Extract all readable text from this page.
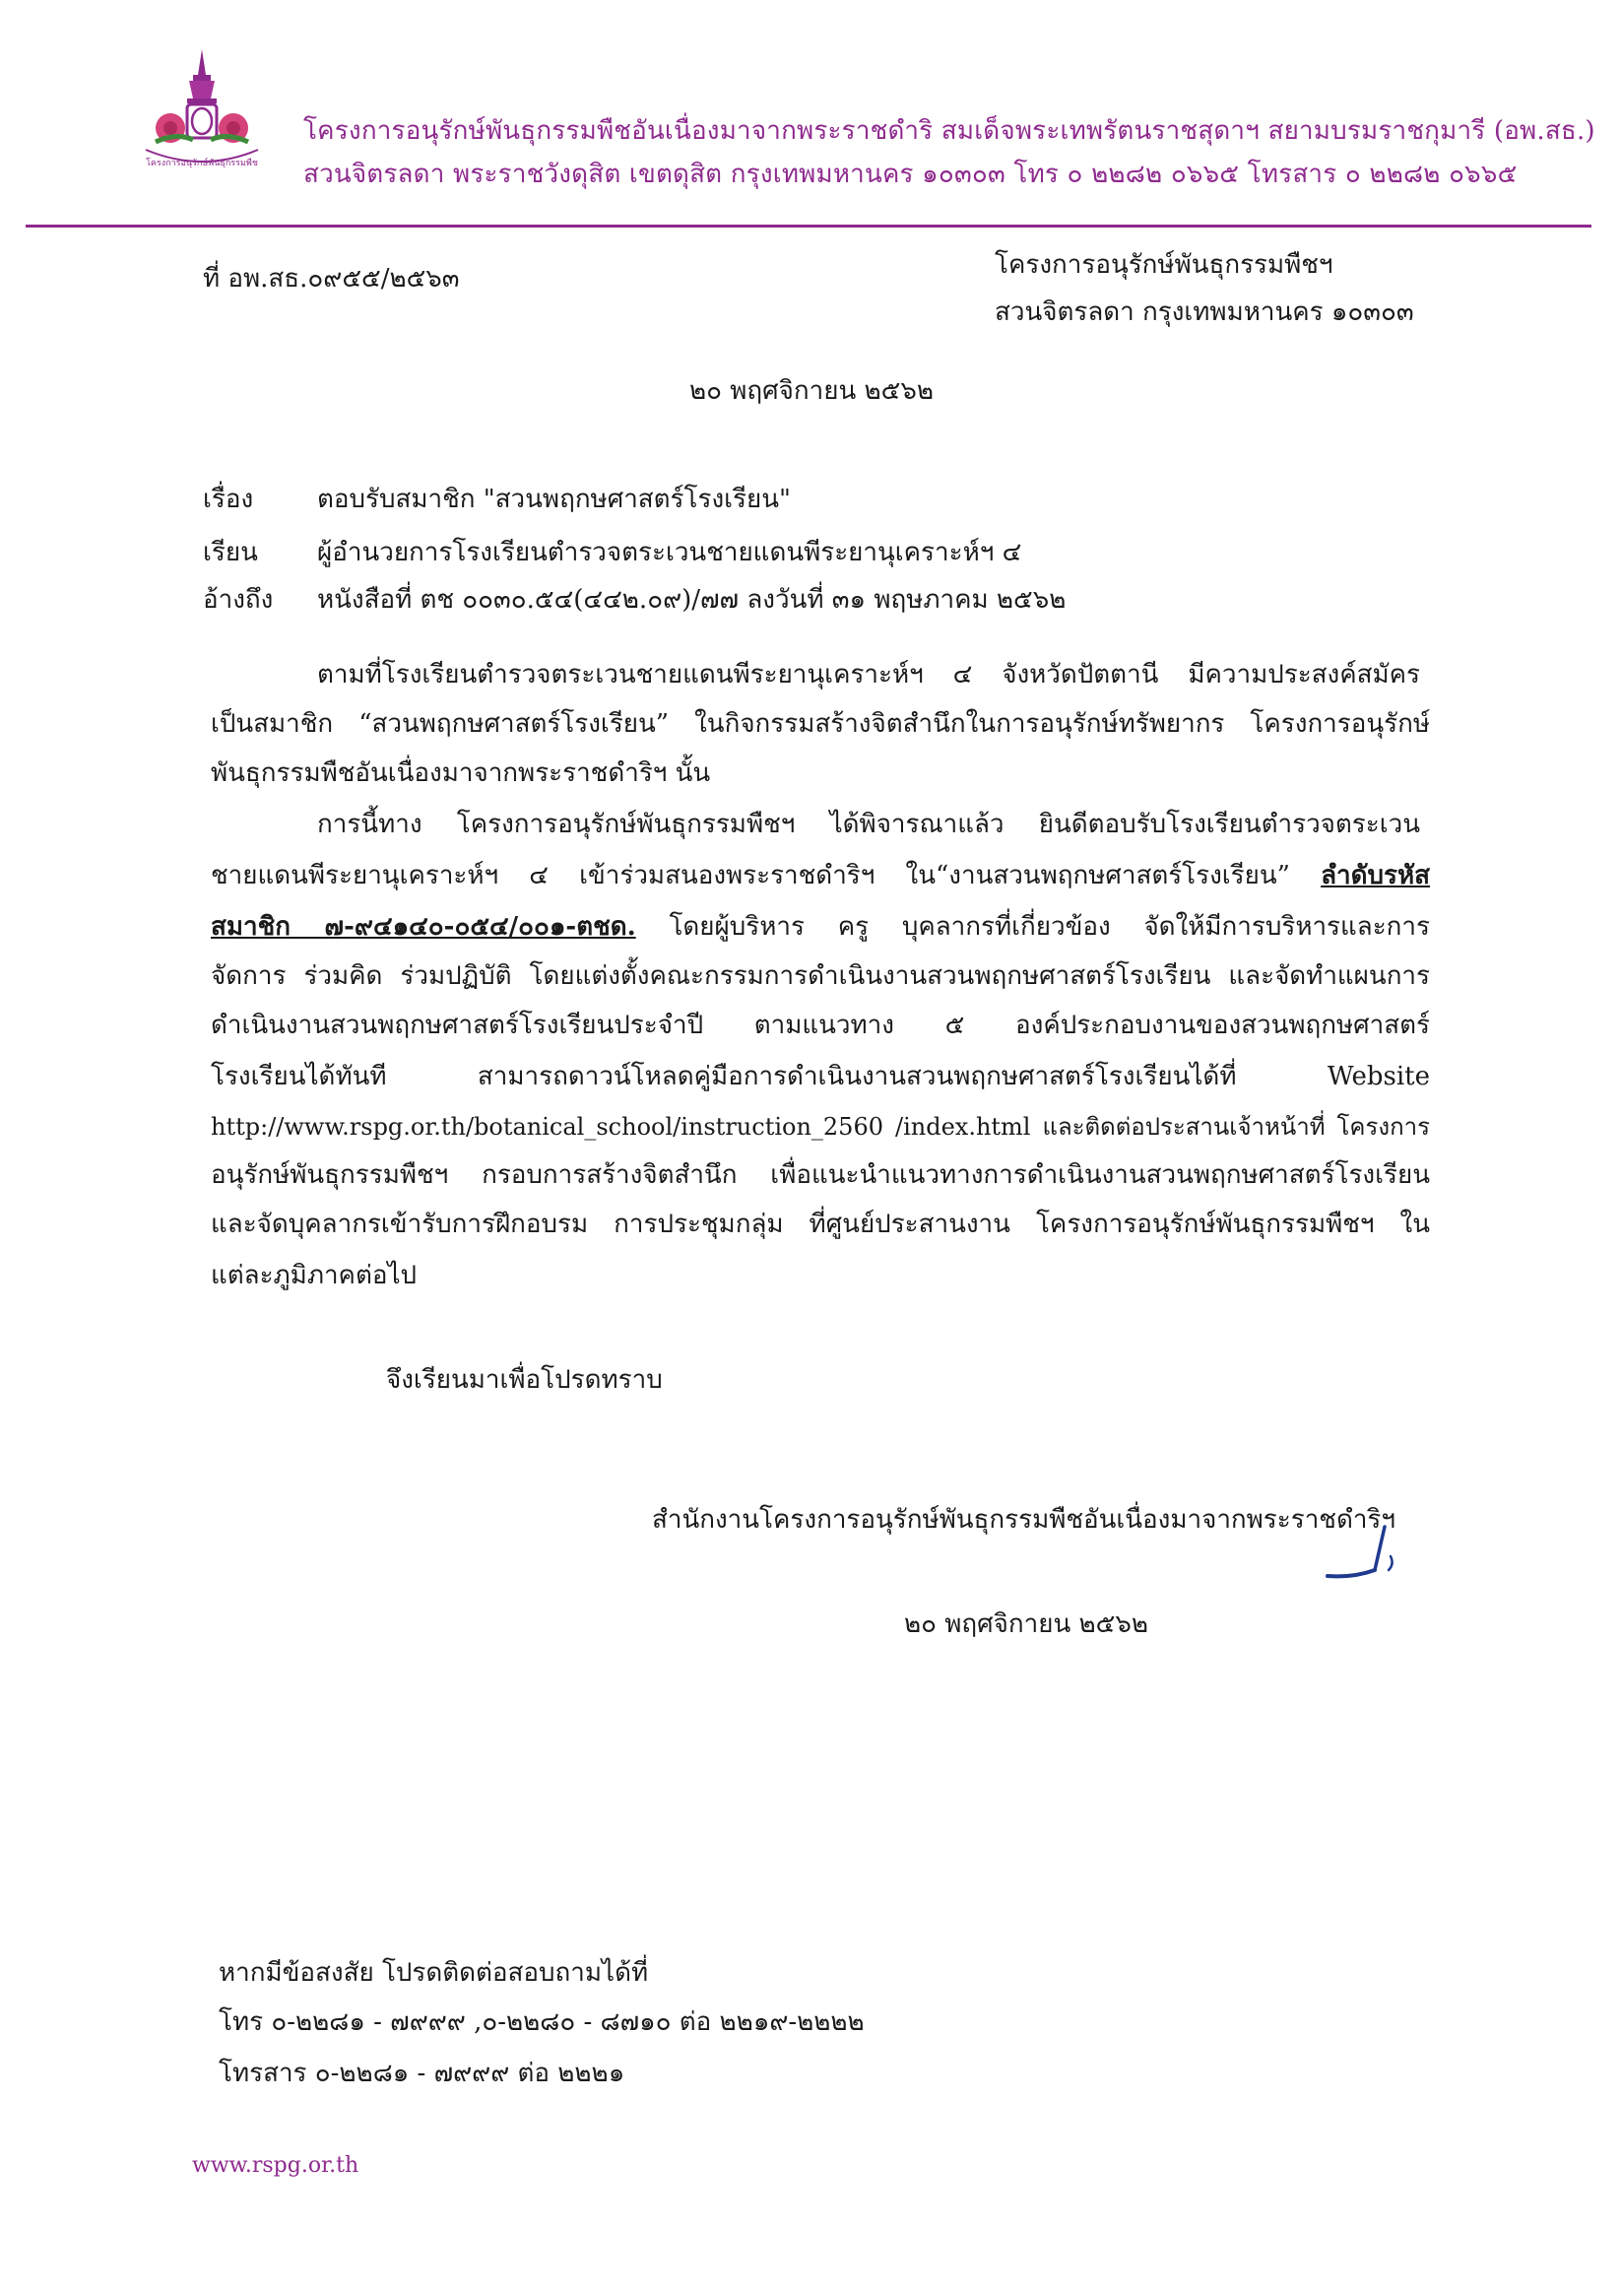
โครงการอนุรักษ์พันธุกรรมพืช
โครงการอนุรักษ์พันธุกรรมพืชอันเนื่องมาจากพระราชดำริ สมเด็จพระเทพรัตนราชสุดาฯ สยามบรมราชกุมารี (อพ.สธ.)
สวนจิตรลดา พระราชวังดุสิต เขตดุสิต กรุงเทพมหานคร ๑๐๓๐๓ โทร ๐ ๒๒๘๒ ๐๖๖๕ โทรสาร ๐ ๒๒๘๒ ๐๖๖๕
ที่ อพ.สธ.๐๙๕๕/๒๕๖๓	โครงการอนุรักษ์พันธุกรรมพืชฯ
สวนจิตรลดา กรุงเทพมหานคร ๑๐๓๐๓
๒๐ พฤศจิกายน ๒๕๖๒
เรื่อง ตอบรับสมาชิก "สวนพฤกษศาสตร์โรงเรียน"
เรียน ผู้อำนวยการโรงเรียนตำรวจตระเวนชายแดนพีระยานุเคราะห์ฯ ๔
อ้างถึง หนังสือที่ ตช ๐๐๓๐.๕๔(๔๔๒.๐๙)/๗๗ ลงวันที่ ๓๑ พฤษภาคม ๒๕๖๒
ตามที่โรงเรียนตำรวจตระเวนชายแดนพีระยานุเคราะห์ฯ ๔ จังหวัดปัตตานี มีความประสงค์สมัคร
เป็นสมาชิก “สวนพฤกษศาสตร์โรงเรียน” ในกิจกรรมสร้างจิตสำนึกในการอนุรักษ์ทรัพยากร โครงการอนุรักษ์
พันธุกรรมพืชอันเนื่องมาจากพระราชดำริฯ นั้น
การนี้ทาง โครงการอนุรักษ์พันธุกรรมพืชฯ ได้พิจารณาแล้ว ยินดีตอบรับโรงเรียนตำรวจตระเวน
ชายแดนพีระยานุเคราะห์ฯ ๔ เข้าร่วมสนองพระราชดำริฯ ใน“งานสวนพฤกษศาสตร์โรงเรียน” ลำดับรหัส
สมาชิก ๗-๙๔๑๔๐-๐๕๔/๐๐๑-ตชด. โดยผู้บริหาร ครู บุคลากรที่เกี่ยวข้อง จัดให้มีการบริหารและการ
จัดการ ร่วมคิด ร่วมปฏิบัติ โดยแต่งตั้งคณะกรรมการดำเนินงานสวนพฤกษศาสตร์โรงเรียน และจัดทำแผนการ
ดำเนินงานสวนพฤกษศาสตร์โรงเรียนประจำปี ตามแนวทาง ๕ องค์ประกอบงานของสวนพฤกษศาสตร์
โรงเรียนได้ทันที สามารถดาวน์โหลดคู่มือการดำเนินงานสวนพฤกษศาสตร์โรงเรียนได้ที่ Website
http://www.rspg.or.th/botanical_school/instruction_2560 /index.html และติดต่อประสานเจ้าหน้าที่ โครงการ
อนุรักษ์พันธุกรรมพืชฯ กรอบการสร้างจิตสำนึก เพื่อแนะนำแนวทางการดำเนินงานสวนพฤกษศาสตร์โรงเรียน
และจัดบุคลากรเข้ารับการฝึกอบรม การประชุมกลุ่ม ที่ศูนย์ประสานงาน โครงการอนุรักษ์พันธุกรรมพืชฯ ใน
แต่ละภูมิภาคต่อไป
จึงเรียนมาเพื่อโปรดทราบ
สำนักงานโครงการอนุรักษ์พันธุกรรมพืชอันเนื่องมาจากพระราชดำริฯ
๒๐ พฤศจิกายน ๒๕๖๒
หากมีข้อสงสัย โปรดติดต่อสอบถามได้ที่
โทร ๐-๒๒๘๑ - ๗๙๙๙ ,๐-๒๒๘๐ - ๘๗๑๐ ต่อ ๒๒๑๙-๒๒๒๒
โทรสาร ๐-๒๒๘๑ - ๗๙๙๙ ต่อ ๒๒๒๑
www.rspg.or.th
